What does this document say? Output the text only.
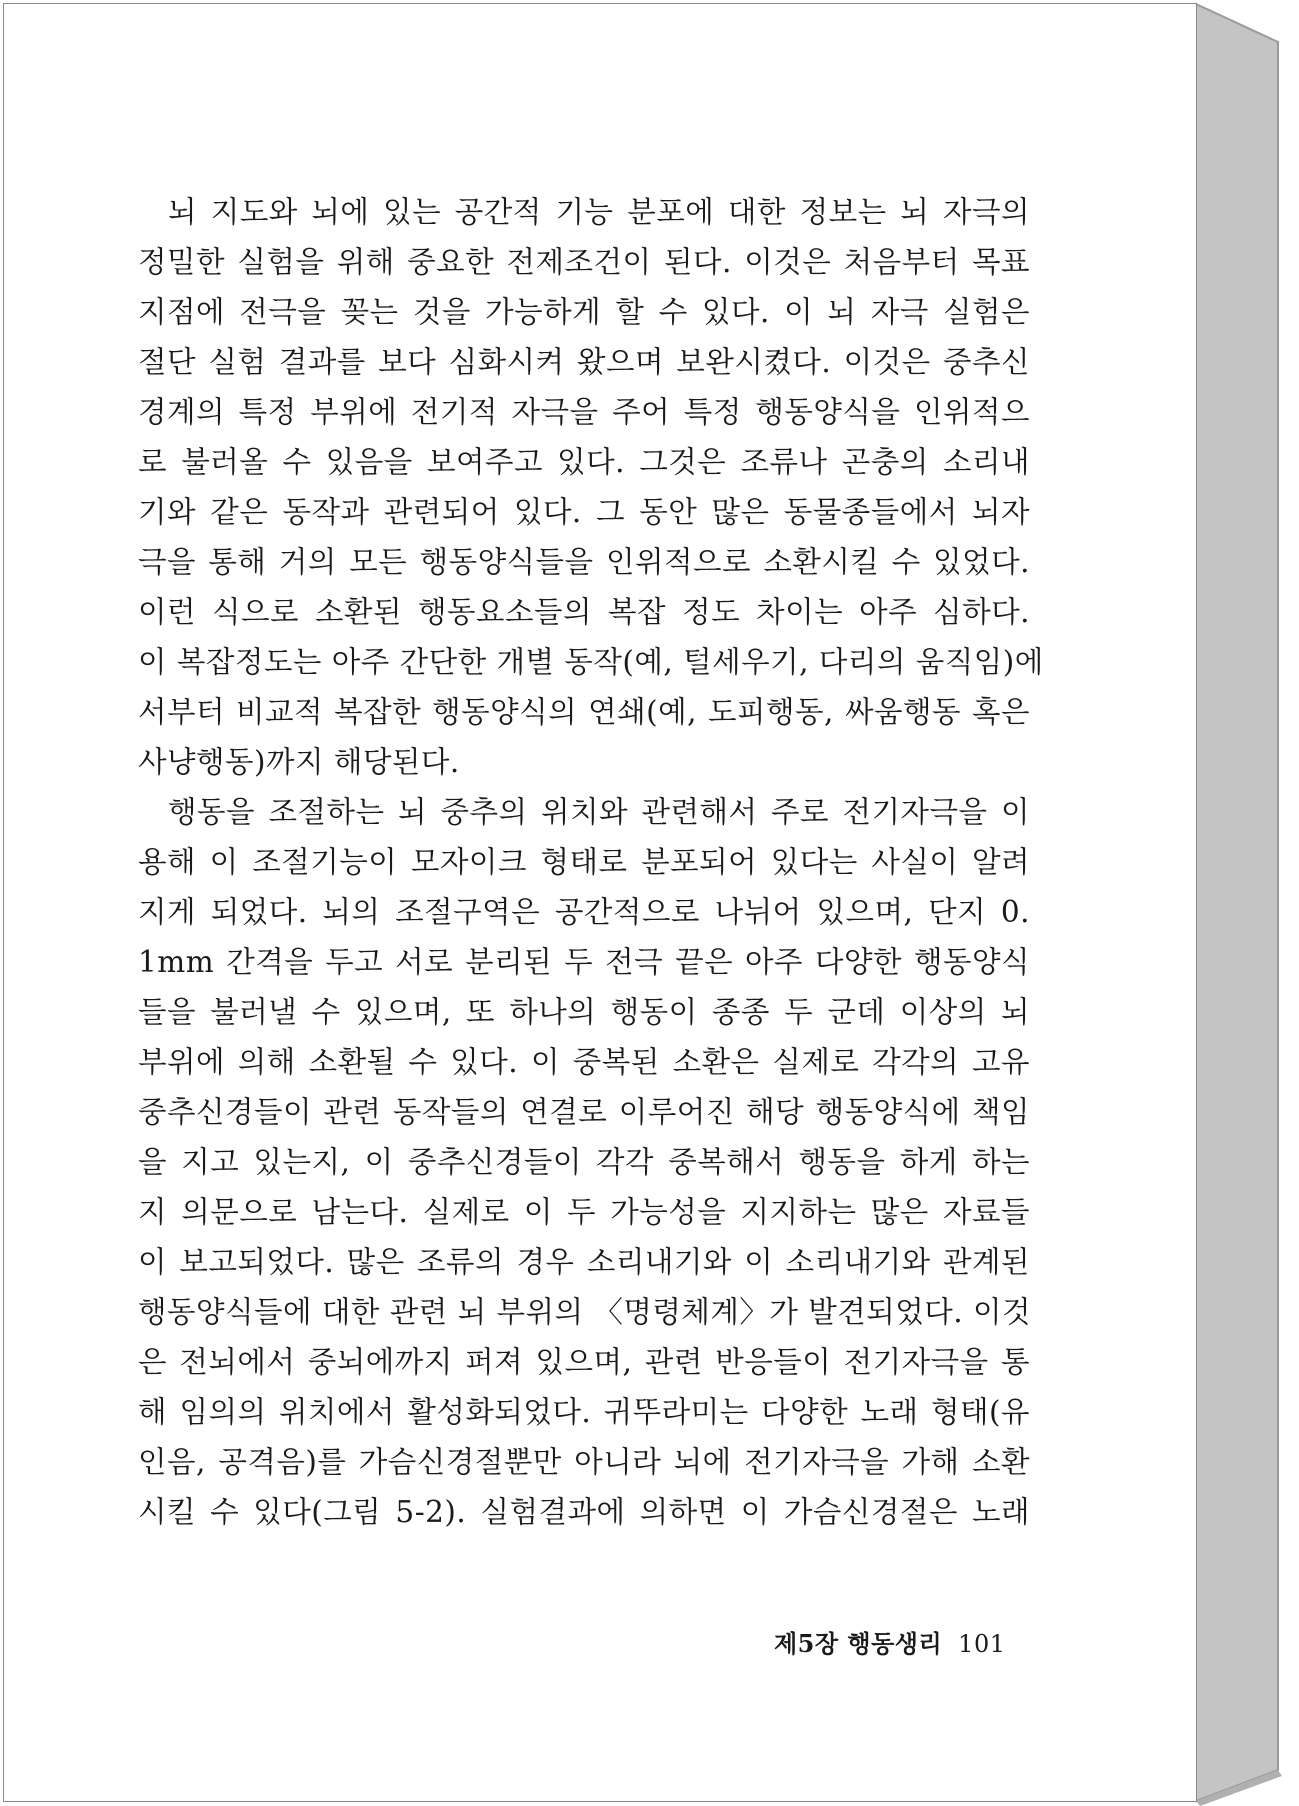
뇌 지도와 뇌에 있는 공간적 기능 분포에 대한 정보는 뇌 자극의
정밀한 실험을 위해 중요한 전제조건이 된다. 이것은 처음부터 목표
지점에 전극을 꽂는 것을 가능하게 할 수 있다. 이 뇌 자극 실험은
절단 실험 결과를 보다 심화시켜 왔으며 보완시켰다. 이것은 중추신
경계의 특정 부위에 전기적 자극을 주어 특정 행동양식을 인위적으
로 불러올 수 있음을 보여주고 있다. 그것은 조류나 곤충의 소리내
기와 같은 동작과 관련되어 있다. 그 동안 많은 동물종들에서 뇌자
극을 통해 거의 모든 행동양식들을 인위적으로 소환시킬 수 있었다.
이런 식으로 소환된 행동요소들의 복잡 정도 차이는 아주 심하다.
이 복잡정도는 아주 간단한 개별 동작(예, 털세우기, 다리의 움직임)에
서부터 비교적 복잡한 행동양식의 연쇄(예, 도피행동, 싸움행동 혹은
사냥행동)까지 해당된다.
행동을 조절하는 뇌 중추의 위치와 관련해서 주로 전기자극을 이
용해 이 조절기능이 모자이크 형태로 분포되어 있다는 사실이 알려
지게 되었다. 뇌의 조절구역은 공간적으로 나뉘어 있으며, 단지 0.
1mm 간격을 두고 서로 분리된 두 전극 끝은 아주 다양한 행동양식
들을 불러낼 수 있으며, 또 하나의 행동이 종종 두 군데 이상의 뇌
부위에 의해 소환될 수 있다. 이 중복된 소환은 실제로 각각의 고유
중추신경들이 관련 동작들의 연결로 이루어진 해당 행동양식에 책임
을 지고 있는지, 이 중추신경들이 각각 중복해서 행동을 하게 하는
지 의문으로 남는다. 실제로 이 두 가능성을 지지하는 많은 자료들
이 보고되었다. 많은 조류의 경우 소리내기와 이 소리내기와 관계된
행동양식들에 대한 관련 뇌 부위의 〈명령체계〉가 발견되었다. 이것
은 전뇌에서 중뇌에까지 퍼져 있으며, 관련 반응들이 전기자극을 통
해 임의의 위치에서 활성화되었다. 귀뚜라미는 다양한 노래 형태(유
인음, 공격음)를 가슴신경절뿐만 아니라 뇌에 전기자극을 가해 소환
시킬 수 있다(그림 5-2). 실험결과에 의하면 이 가슴신경절은 노래
제5장 행동생리 101
